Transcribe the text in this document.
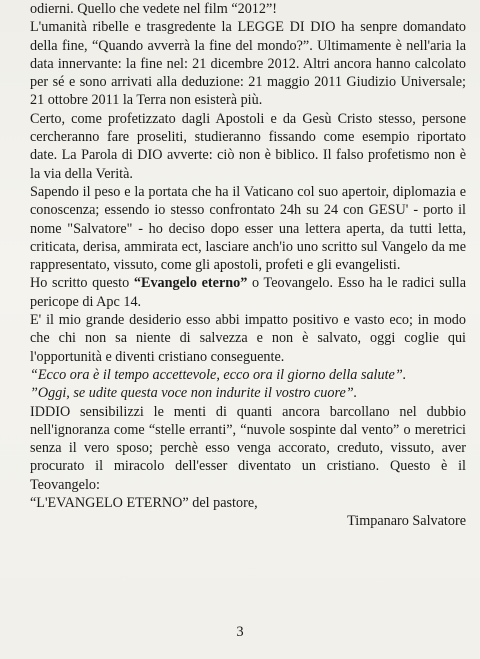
odierni. Quello che vedete nel film “2012”!

L'umanità ribelle e trasgredente la LEGGE DI DIO ha senpre domandato della fine, “Quando avverrà la fine del mondo?”. Ultimamente è nell'aria la data innervante: la fine nel: 21 dicembre 2012. Altri ancora hanno calcolato per sé e sono arrivati alla deduzione: 21 maggio 2011 Giudizio Universale; 21 ottobre 2011 la Terra non esisterà più.

Certo, come profetizzato dagli Apostoli e da Gesù Cristo stesso, persone cercheranno fare proseliti, studieranno fissando come esempio riportato date. La Parola di DIO avverte: ciò non è biblico. Il falso profetismo non è la via della Verità.

Sapendo il peso e la portata che ha il Vaticano col suo apertoir, diplomazia e conoscenza; essendo io stesso confrontato 24h su 24 con GESU' - porto il nome "Salvatore" - ho deciso dopo esser una lettera aperta, da tutti letta, criticata, derisa, ammirata ect, lasciare anch'io uno scritto sul Vangelo da me rappresentato, vissuto, come gli apostoli, profeti e gli evangelisti.

Ho scritto questo “Evangelo eterno” o Teovangelo. Esso ha le radici sulla pericope di Apc 14.

E' il mio grande desiderio esso abbi impatto positivo e vasto eco; in modo che chi non sa niente di salvezza e non è salvato, oggi coglie qui l'opportunità e diventi cristiano conseguente.

“Ecco ora è il tempo accettevole, ecco ora il giorno della salute”.

”Oggi, se udite questa voce non indurite il vostro cuore”.

IDDIO sensibilizzi le menti di quanti ancora barcollano nel dubbio nell'ignoranza come “stelle erranti”, “nuvole sospinte dal vento” o meretrici senza il vero sposo; perchè esso venga accorato, creduto, vissuto, aver procurato il miracolo dell'esser diventato un cristiano. Questo è il Teovangelo:

“L'EVANGELO ETERNO” del pastore,

Timpanaro Salvatore

3
